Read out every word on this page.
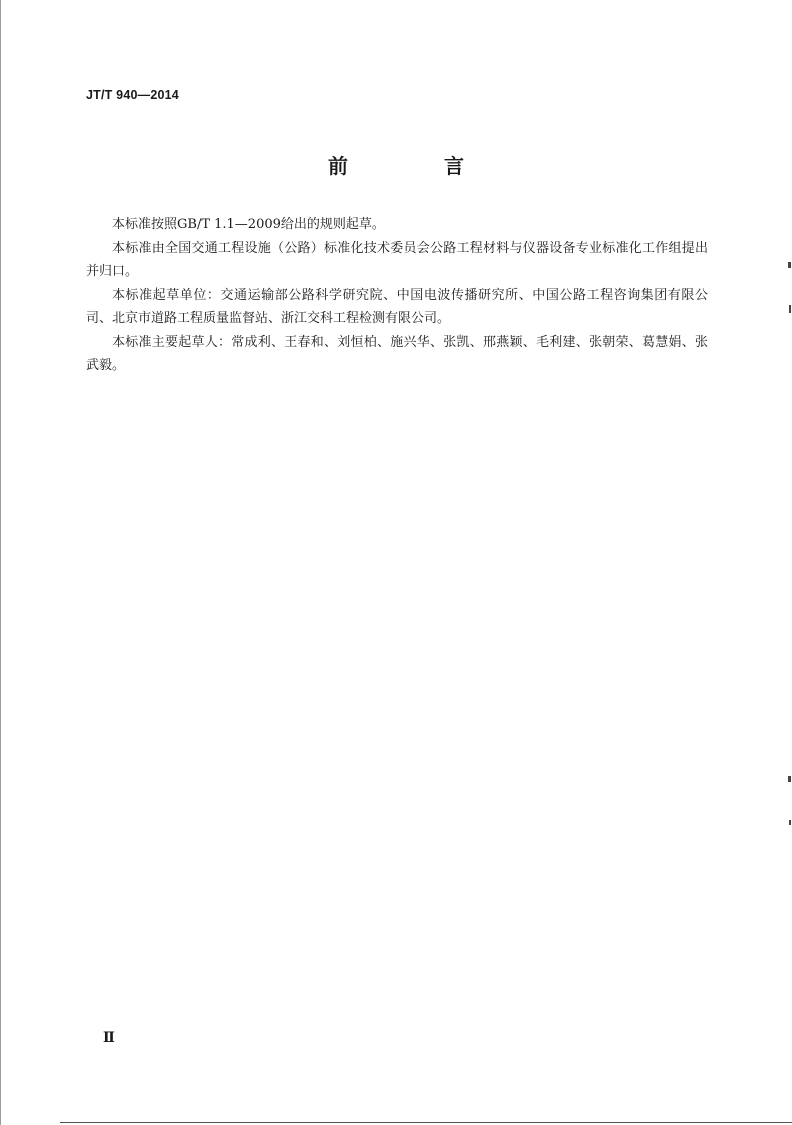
JT/T 940—2014
前　言

本标准按照GB/T 1.1—2009给出的规则起草。

本标准由全国交通工程设施（公路）标准化技术委员会公路工程材料与仪器设备专业标准化工作组提出并归口。

本标准起草单位：交通运输部公路科学研究院、中国电波传播研究所、中国公路工程咨询集团有限公司、北京市道路工程质量监督站、浙江交科工程检测有限公司。

本标准主要起草人：常成利、王春和、刘恒柏、施兴华、张凯、邢燕颖、毛利建、张朝荣、葛慧娟、张武毅。

Ⅱ
